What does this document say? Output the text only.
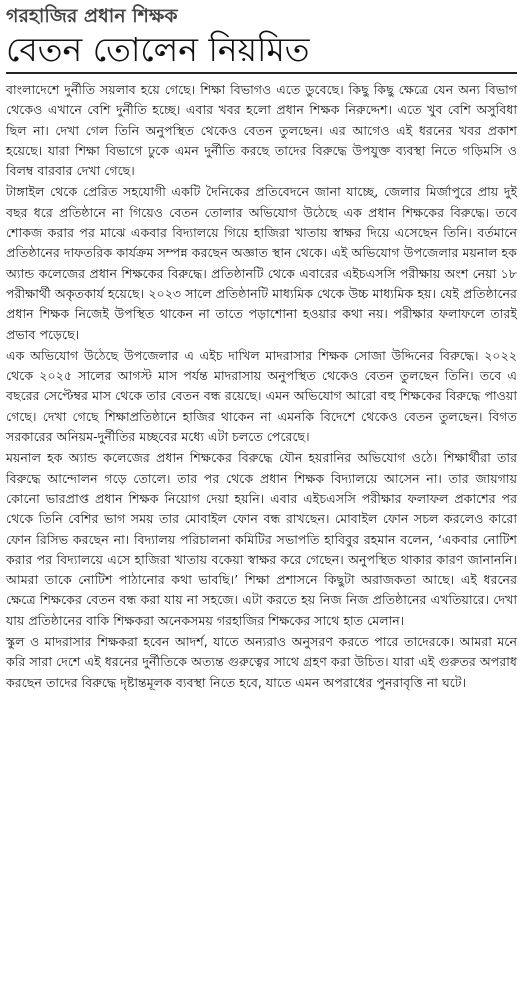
গরহাজির প্রধান শিক্ষক
বেতন তোলেন নিয়মিত

বাংলাদেশে দুর্নীতি সয়লাব হয়ে গেছে। শিক্ষা বিভাগও এতে ডুবেছে। কিছু কিছু ক্ষেত্রে যেন অন্য বিভাগ থেকেও এখানে বেশি দুর্নীতি হচ্ছে। এবার খবর হলো প্রধান শিক্ষক নিরুদ্দেশ। এতে খুব বেশি অসুবিধা ছিল না। দেখা গেল তিনি অনুপস্থিত থেকেও বেতন তুলছেন। এর আগেও এই ধরনের খবর প্রকাশ হয়েছে। যারা শিক্ষা বিভাগে ঢুকে এমন দুর্নীতি করছে তাদের বিরুদ্ধে উপযুক্ত ব্যবস্থা নিতে গড়িমসি ও বিলম্ব বারবার দেখা গেছে।

টাঙ্গাইল থেকে প্রেরিত সহযোগী একটি দৈনিকের প্রতিবেদনে জানা যাচ্ছে, জেলার মির্জাপুরে প্রায় দুই বছর ধরে প্রতিষ্ঠানে না গিয়েও বেতন তোলার অভিযোগ উঠেছে এক প্রধান শিক্ষকের বিরুদ্ধে। তবে শোকজ করার পর মাঝে একবার বিদ্যালয়ে গিয়ে হাজিরা খাতায় স্বাক্ষর দিয়ে এসেছেন তিনি। বর্তমানে প্রতিষ্ঠানের দাফতরিক কার্যক্রম সম্পন্ন করছেন অজ্ঞাত স্থান থেকে। এই অভিযোগ উপজেলার ময়নাল হক অ্যান্ড কলেজের প্রধান শিক্ষকের বিরুদ্ধে। প্রতিষ্ঠানটি থেকে এবারের এইচএসসি পরীক্ষায় অংশ নেয়া ১৮ পরীক্ষার্থী অকৃতকার্য হয়েছে। ২০২৩ সালে প্রতিষ্ঠানটি মাধ্যমিক থেকে উচ্চ মাধ্যমিক হয়। যেই প্রতিষ্ঠানের প্রধান শিক্ষক নিজেই উপস্থিত থাকেন না তাতে পড়াশোনা হওয়ার কথা নয়। পরীক্ষার ফলাফলে তারই প্রভাব পড়েছে।

এক অভিযোগ উঠেছে উপজেলার এ এইচ দাখিল মাদরাসার শিক্ষক সোজা উদ্দিনের বিরুদ্ধে। ২০২২ থেকে ২০২৫ সালের আগস্ট মাস পর্যন্ত মাদরাসায় অনুপস্থিত থেকেও বেতন তুলছেন তিনি। তবে এ বছরের সেপ্টেম্বর মাস থেকে তার বেতন বন্ধ রয়েছে। এমন অভিযোগ আরো বহু শিক্ষকের বিরুদ্ধে পাওয়া গেছে। দেখা গেছে শিক্ষাপ্রতিষ্ঠানে হাজির থাকেন না এমনকি বিদেশে থেকেও বেতন তুলছেন। বিগত সরকারের অনিয়ম-দুর্নীতির মচ্ছবের মধ্যে এটা চলতে পেরেছে।

ময়নাল হক অ্যান্ড কলেজের প্রধান শিক্ষকের বিরুদ্ধে যৌন হয়রানির অভিযোগ ওঠে। শিক্ষার্থীরা তার বিরুদ্ধে আন্দোলন গড়ে তোলে। তার পর থেকে প্রধান শিক্ষক বিদ্যালয়ে আসেন না। তার জায়গায় কোনো ভারপ্রাপ্ত প্রধান শিক্ষক নিয়োগ দেয়া হয়নি। এবার এইচএসসি পরীক্ষার ফলাফল প্রকাশের পর থেকে তিনি বেশির ভাগ সময় তার মোবাইল ফোন বন্ধ রাখছেন। মোবাইল ফোন সচল করলেও কারো ফোন রিসিভ করছেন না। বিদ্যালয় পরিচালনা কমিটির সভাপতি হাবিবুর রহমান বলেন, ‘একবার নোটিশ করার পর বিদ্যালয়ে এসে হাজিরা খাতায় বকেয়া স্বাক্ষর করে গেছেন। অনুপস্থিত থাকার কারণ জানাননি। আমরা তাকে নোটিশ পাঠানোর কথা ভাবছি।’ শিক্ষা প্রশাসনে কিছুটা অরাজকতা আছে। এই ধরনের ক্ষেত্রে শিক্ষকের বেতন বন্ধ করা যায় না সহজে। এটা করতে হয় নিজ নিজ প্রতিষ্ঠানের এখতিয়ারে। দেখা যায় প্রতিষ্ঠানের বাকি শিক্ষকরা অনেকসময় গরহাজির শিক্ষকের সাথে হাত মেলান।

স্কুল ও মাদরাসার শিক্ষকরা হবেন আদর্শ, যাতে অন্যরাও অনুসরণ করতে পারে তাদেরকে। আমরা মনে করি সারা দেশে এই ধরনের দুর্নীতিকে অত্যন্ত গুরুত্বের সাথে গ্রহণ করা উচিত। যারা এই গুরুতর অপরাধ করছেন তাদের বিরুদ্ধে দৃষ্টান্তমূলক ব্যবস্থা নিতে হবে, যাতে এমন অপরাধের পুনরাবৃত্তি না ঘটে।
